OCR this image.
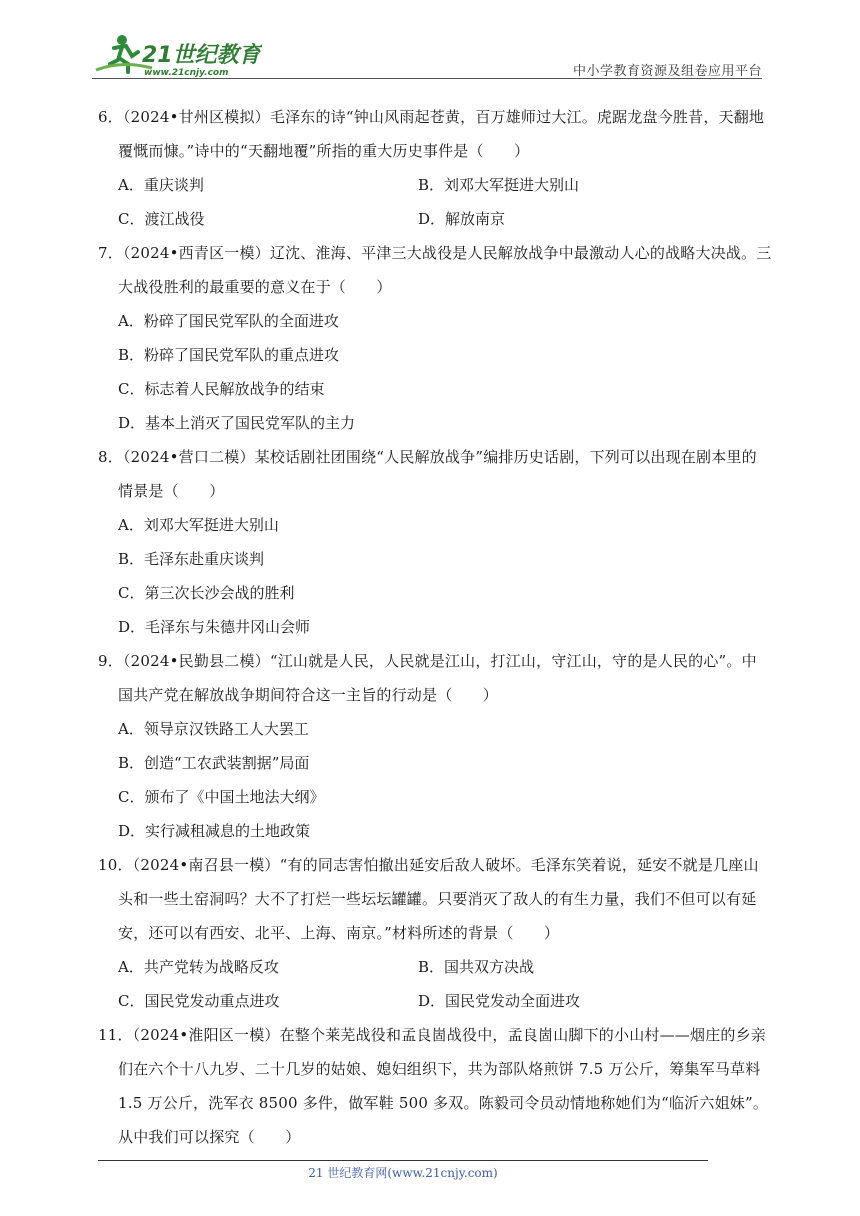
21世纪教育
www.21cnjy.com	中小学教育资源及组卷应用平台
6．（2024•甘州区模拟）毛泽东的诗“钟山风雨起苍黄，百万雄师过大江。虎踞龙盘今胜昔，天翻地
覆慨而慷。”诗中的“天翻地覆”所指的重大历史事件是（　　）
A．重庆谈判	B．刘邓大军挺进大别山
C．渡江战役	D．解放南京
7．（2024•西青区一模）辽沈、淮海、平津三大战役是人民解放战争中最激动人心的战略大决战。三
大战役胜利的最重要的意义在于（　　）
A．粉碎了国民党军队的全面进攻
B．粉碎了国民党军队的重点进攻
C．标志着人民解放战争的结束
D．基本上消灭了国民党军队的主力
8．（2024•营口二模）某校话剧社团围绕“人民解放战争”编排历史话剧，下列可以出现在剧本里的
情景是（　　）
A．刘邓大军挺进大别山
B．毛泽东赴重庆谈判
C．第三次长沙会战的胜利
D．毛泽东与朱德井冈山会师
9．（2024•民勤县二模）“江山就是人民，人民就是江山，打江山，守江山，守的是人民的心”。中
国共产党在解放战争期间符合这一主旨的行动是（　　）
A．领导京汉铁路工人大罢工
B．创造“工农武装割据”局面
C．颁布了《中国土地法大纲》
D．实行减租减息的土地政策
10．（2024•南召县一模）“有的同志害怕撤出延安后敌人破坏。毛泽东笑着说，延安不就是几座山
头和一些土窑洞吗？大不了打烂一些坛坛罐罐。只要消灭了敌人的有生力量，我们不但可以有延
安，还可以有西安、北平、上海、南京。”材料所述的背景（　　）
A．共产党转为战略反攻	B．国共双方决战
C．国民党发动重点进攻	D．国民党发动全面进攻
11．（2024•淮阳区一模）在整个莱芜战役和孟良崮战役中，孟良崮山脚下的小山村——烟庄的乡亲
们在六个十八九岁、二十几岁的姑娘、媳妇组织下，共为部队烙煎饼 7.5 万公斤，筹集军马草料
1.5 万公斤，洗军衣 8500 多件，做军鞋 500 多双。陈毅司令员动情地称她们为“临沂六姐妹”。
从中我们可以探究（　　）
21 世纪教育网(www.21cnjy.com)
